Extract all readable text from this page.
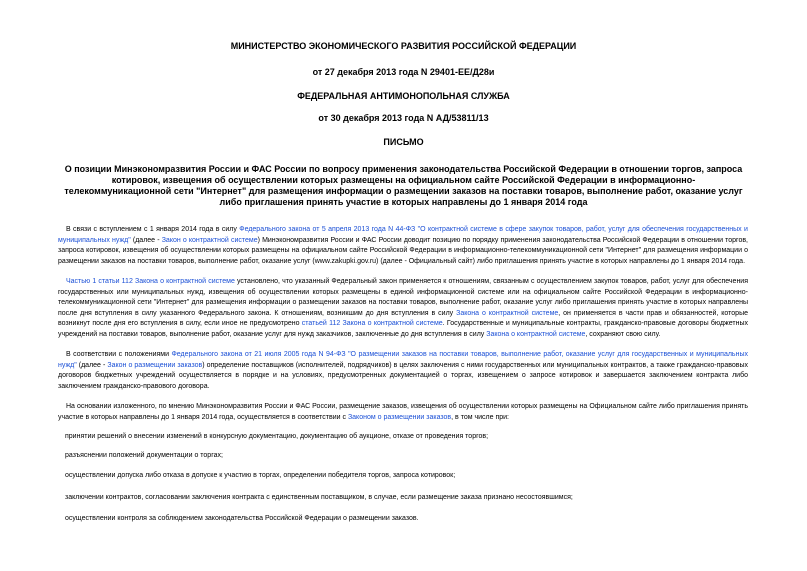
МИНИСТЕРСТВО ЭКОНОМИЧЕСКОГО РАЗВИТИЯ РОССИЙСКОЙ ФЕДЕРАЦИИ

от 27 декабря 2013 года N 29401-ЕЕ/Д28и

ФЕДЕРАЛЬНАЯ АНТИМОНОПОЛЬНАЯ СЛУЖБА

от 30 декабря 2013 года N АД/53811/13

ПИСЬМО

О позиции Минэкономразвития России и ФАС России по вопросу применения законодательства Российской Федерации в отношении торгов, запроса котировок, извещения об осуществлении которых размещены на официальном сайте Российской Федерации в информационно-телекоммуникационной сети "Интернет" для размещения информации о размещении заказов на поставки товаров, выполнение работ, оказание услуг либо приглашения принять участие в которых направлены до 1 января 2014 года

В связи с вступлением с 1 января 2014 года в силу Федерального закона от 5 апреля 2013 года N 44-ФЗ "О контрактной системе в сфере закупок товаров, работ, услуг для обеспечения государственных и муниципальных нужд" (далее - Закон о контрактной системе) Минэкономразвития России и ФАС России доводит позицию по порядку применения законодательства Российской Федерации в отношении торгов, запроса котировок, извещения об осуществлении которых размещены на официальном сайте Российской Федерации в информационно-телекоммуникационной сети "Интернет" для размещения информации о размещении заказов на поставки товаров, выполнение работ, оказание услуг (www.zakupki.gov.ru) (далее - Официальный сайт) либо приглашения принять участие в которых направлены до 1 января 2014 года.

Частью 1 статьи 112 Закона о контрактной системе установлено, что указанный Федеральный закон применяется к отношениям, связанным с осуществлением закупок товаров, работ, услуг для обеспечения государственных или муниципальных нужд, извещения об осуществлении которых размещены в единой информационной системе или на официальном сайте Российской Федерации в информационно-телекоммуникационной сети "Интернет" для размещения информации о размещении заказов на поставки товаров, выполнение работ, оказание услуг либо приглашения принять участие в которых направлены после дня вступления в силу указанного Федерального закона. К отношениям, возникшим до дня вступления в силу Закона о контрактной системе, он применяется в части прав и обязанностей, которые возникнут после дня его вступления в силу, если иное не предусмотрено статьей 112 Закона о контрактной системе. Государственные и муниципальные контракты, гражданско-правовые договоры бюджетных учреждений на поставки товаров, выполнение работ, оказание услуг для нужд заказчиков, заключенные до дня вступления в силу Закона о контрактной системе, сохраняют свою силу.

В соответствии с положениями Федерального закона от 21 июля 2005 года N 94-ФЗ "О размещении заказов на поставки товаров, выполнение работ, оказание услуг для государственных и муниципальных нужд" (далее - Закон о размещении заказов) определение поставщиков (исполнителей, подрядчиков) в целях заключения с ними государственных или муниципальных контрактов, а также гражданско-правовых договоров бюджетных учреждений осуществляется в порядке и на условиях, предусмотренных документацией о торгах, извещением о запросе котировок и завершается заключением контракта либо заключением гражданско-правового договора.

На основании изложенного, по мнению Минэкономразвития России и ФАС России, размещение заказов, извещения об осуществлении которых размещены на Официальном сайте либо приглашения принять участие в которых направлены до 1 января 2014 года, осуществляется в соответствии с Законом о размещении заказов, в том числе при:

принятии решений о внесении изменений в конкурсную документацию, документацию об аукционе, отказе от проведения торгов;

разъяснении положений документации о торгах;

осуществлении допуска либо отказа в допуске к участию в торгах, определении победителя торгов, запроса котировок;

заключении контрактов, согласовании заключения контракта с единственным поставщиком, в случае, если размещение заказа признано несостоявшимся;

осуществлении контроля за соблюдением законодательства Российской Федерации о размещении заказов.
